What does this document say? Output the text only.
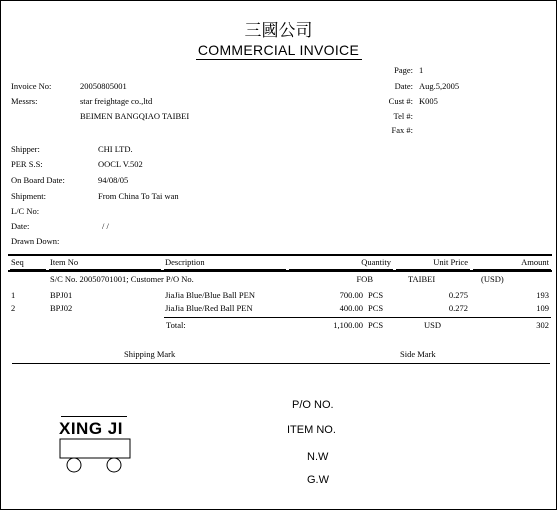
三國公司
COMMERCIAL INVOICE
Page: 1
Date: Aug.5,2005
Cust #: K005
Tel #:
Fax #:
Invoice No:	20050805001
Messrs:	star freightage co.,ltd
BEIMEN BANGQIAO TAIBEI
Shipper:	CHI LTD.
PER S.S:	OOCL V.502
On Board Date:	94/08/05
Shipment:	From China To Tai wan
L/C No:
Date:	/ /
Drawn Down:
Seq	Item No	Description	Quantity	Unit Price	Amount
S/C No. 20050701001; Customer P/O No.	FOB	TAIBEI	(USD)
1	BPJ01	JiaJia Blue/Blue Ball PEN	700.00 PCS	0.275	193
2	BPJ02	JiaJia Blue/Red Ball PEN	400.00 PCS	0.272	109
Total:	1,100.00 PCS	USD	302
Shipping Mark	Side Mark
XING JI
P/O NO.
ITEM NO.
N.W
G.W
